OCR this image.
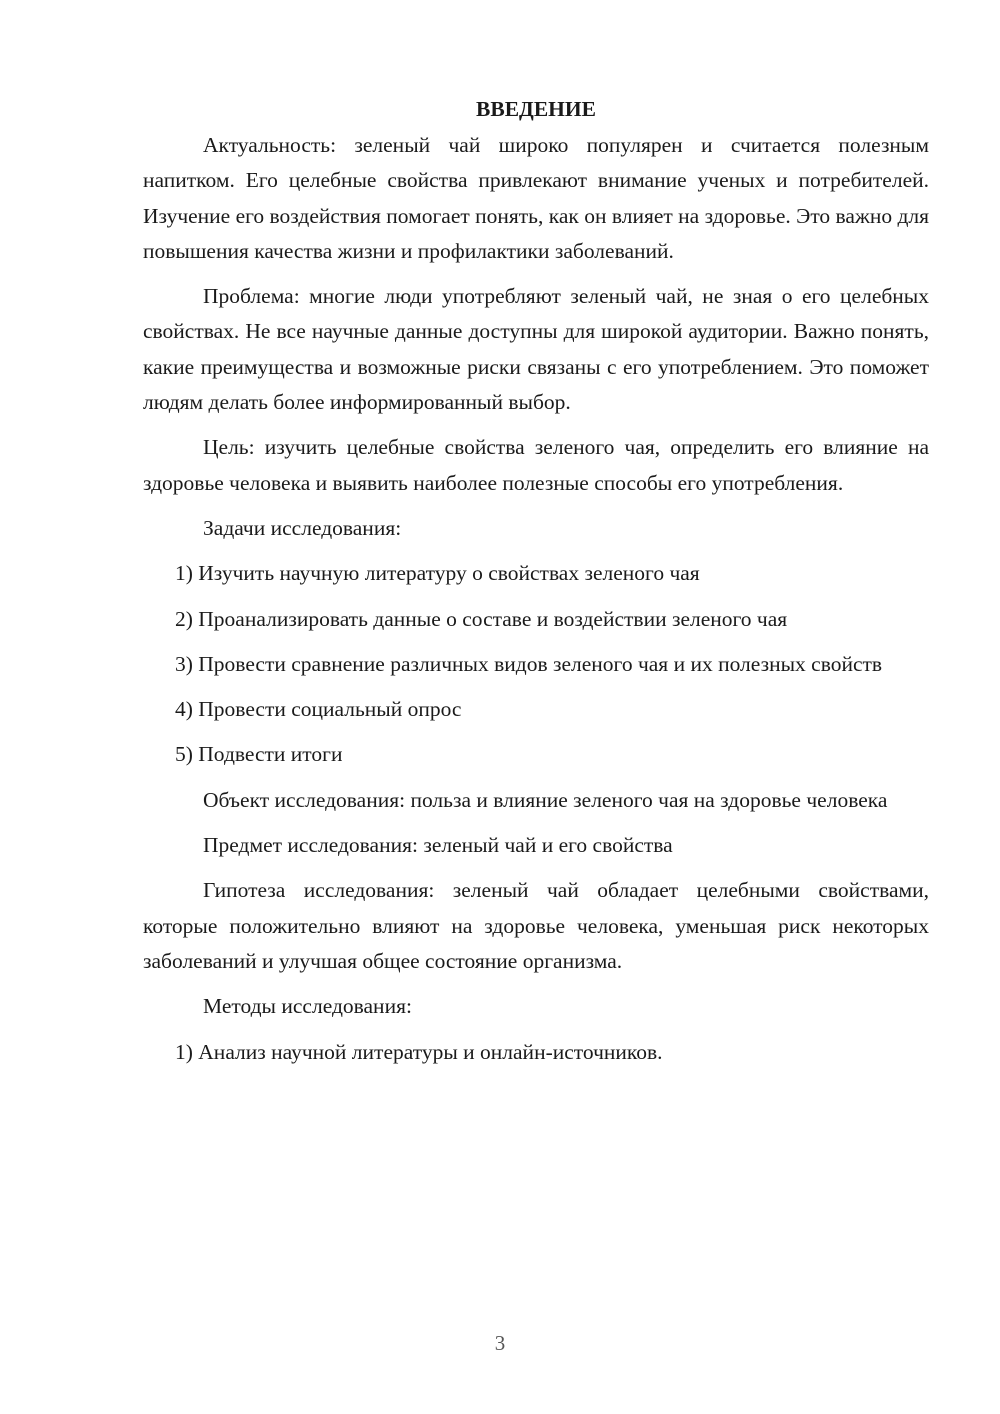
ВВЕДЕНИЕ

Актуальность: зеленый чай широко популярен и считается полезным напитком. Его целебные свойства привлекают внимание ученых и потребителей. Изучение его воздействия помогает понять, как он влияет на здоровье. Это важно для повышения качества жизни и профилактики заболеваний.

Проблема: многие люди употребляют зеленый чай, не зная о его целебных свойствах. Не все научные данные доступны для широкой аудитории. Важно понять, какие преимущества и возможные риски связаны с его употреблением. Это поможет людям делать более информированный выбор.

Цель: изучить целебные свойства зеленого чая, определить его влияние на здоровье человека и выявить наиболее полезные способы его употребления.

Задачи исследования:

1) Изучить научную литературу о свойствах зеленого чая

2) Проанализировать данные о составе и воздействии зеленого чая

3) Провести сравнение различных видов зеленого чая и их полезных свойств

4) Провести социальный опрос

5) Подвести итоги

Объект исследования: польза и влияние зеленого чая на здоровье человека

Предмет исследования: зеленый чай и его свойства

Гипотеза исследования: зеленый чай обладает целебными свойствами, которые положительно влияют на здоровье человека, уменьшая риск некоторых заболеваний и улучшая общее состояние организма.

Методы исследования:

1) Анализ научной литературы и онлайн-источников.

3
